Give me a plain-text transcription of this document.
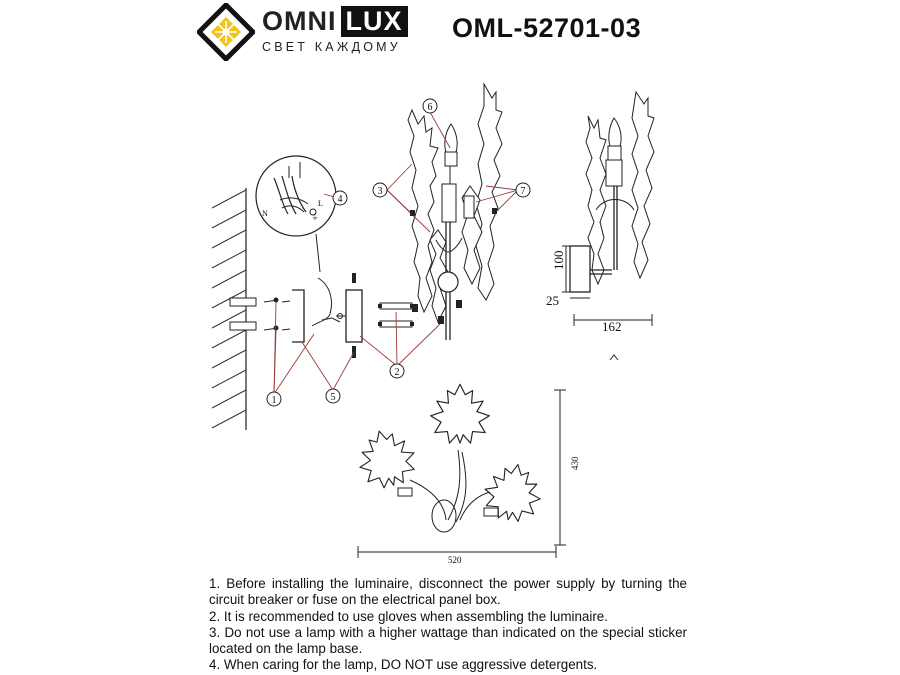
OMNI LUX
СВЕТ КАЖДОМУ
OML-52701-03
N
L
⏚
100
25
162
430
520
1
2
3
4
5
6
7

1. Before installing the luminaire, disconnect the power supply by turning the circuit breaker or fuse on the electrical panel box.

2. It is recommended to use gloves when assembling the luminaire.

3. Do not use a lamp with a higher wattage than indicated on the special sticker located on the lamp base.

4. When caring for the lamp, DO NOT use aggressive detergents.
